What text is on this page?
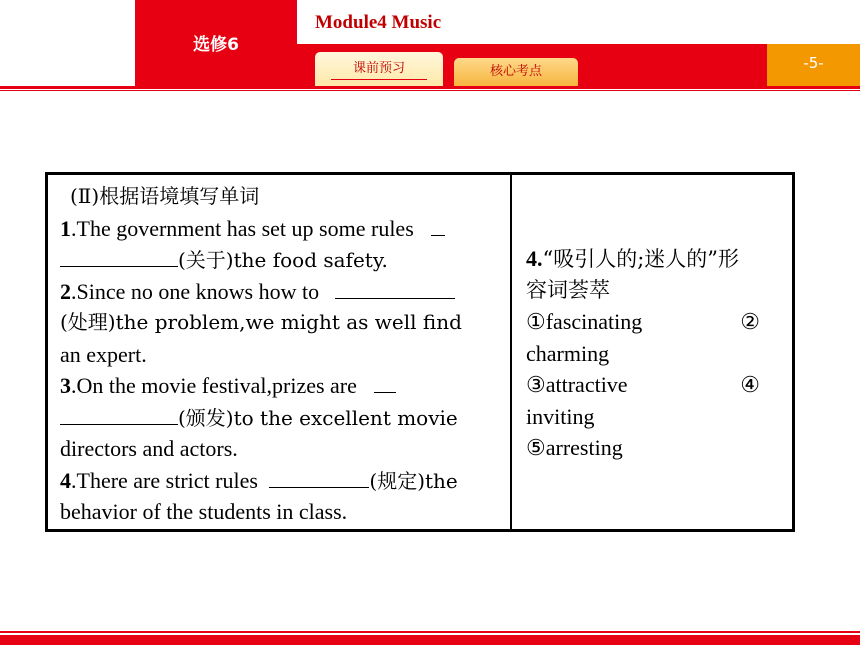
选修6
Module4 Music
-5-
课前预习	核心考点
(Ⅱ)根据语境填写单词
1.The government has set up some rules
(关于)the food safety.
2.Since no one knows how to
(处理)the problem,we might as well find
an expert.
3.On the movie festival,prizes are
(颁发)to the excellent movie
directors and actors.
4.There are strict rules	(规定)the
behavior of the students in class.
4.“吸引人的;迷人的”形
容词荟萃
①fascinating	②
charming
③attractive	④
inviting
⑤arresting
